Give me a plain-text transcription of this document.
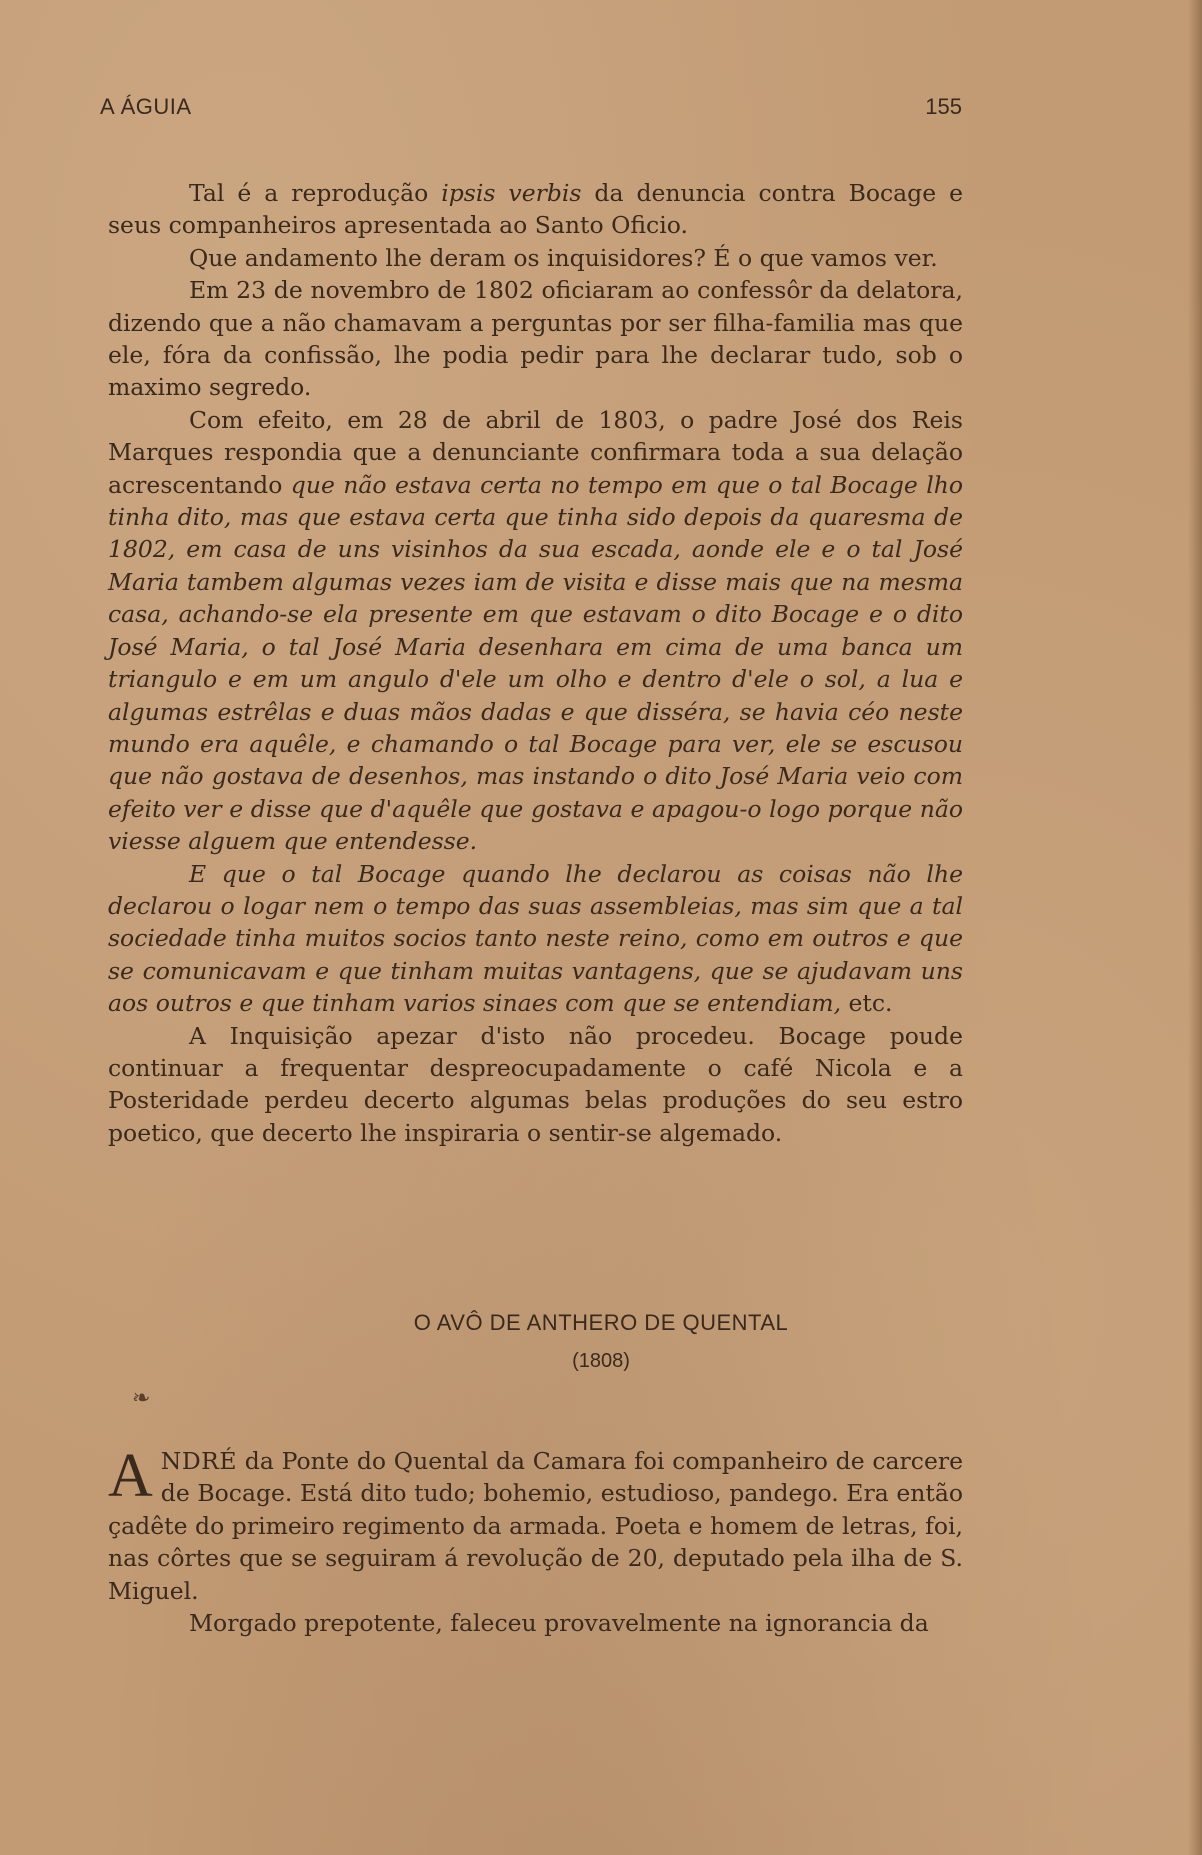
A ÁGUIA	155

Tal é a reprodução ipsis verbis da denuncia contra Bocage e seus companheiros apresentada ao Santo Oficio.

Que andamento lhe deram os inquisidores? É o que vamos ver.

Em 23 de novembro de 1802 oficiaram ao confessôr da delatora, dizendo que a não chamavam a perguntas por ser filha-familia mas que ele, fóra da confissão, lhe podia pedir para lhe declarar tudo, sob o maximo segredo.

Com efeito, em 28 de abril de 1803, o padre José dos Reis Marques respondia que a denunciante confirmara toda a sua delação acrescentando que não estava certa no tempo em que o tal Bocage lho tinha dito, mas que estava certa que tinha sido depois da quaresma de 1802, em casa de uns visinhos da sua escada, aonde ele e o tal José Maria tambem algumas vezes iam de visita e disse mais que na mesma casa, achando-se ela presente em que estavam o dito Bocage e o dito José Maria, o tal José Maria desenhara em cima de uma banca um triangulo e em um angulo d'ele um olho e dentro d'ele o sol, a lua e algumas estrêlas e duas mãos dadas e que disséra, se havia céo neste mundo era aquêle, e chamando o tal Bocage para ver, ele se escusou que não gostava de desenhos, mas instando o dito José Maria veio com efeito ver e disse que d'aquêle que gostava e apagou-o logo porque não viesse alguem que entendesse.

E que o tal Bocage quando lhe declarou as coisas não lhe declarou o logar nem o tempo das suas assembleias, mas sim que a tal sociedade tinha muitos socios tanto neste reino, como em outros e que se comunicavam e que tinham muitas vantagens, que se ajudavam uns aos outros e que tinham varios sinaes com que se entendiam, etc.

A Inquisição apezar d'isto não procedeu. Bocage poude continuar a frequentar despreocupadamente o café Nicola e a Posteridade perdeu decerto algumas belas produções do seu estro poetico, que decerto lhe inspiraria o sentir-se algemado.

O AVÔ DE ANTHERO DE QUENTAL
(1808)
❧

ANDRÉ da Ponte do Quental da Camara foi companheiro de carcere de Bocage. Está dito tudo; bohemio, estudioso, pandego. Era então çadête do primeiro regimento da armada. Poeta e homem de letras, foi, nas côrtes que se seguiram á revolução de 20, deputado pela ilha de S. Miguel.

Morgado prepotente, faleceu provavelmente na ignorancia da
